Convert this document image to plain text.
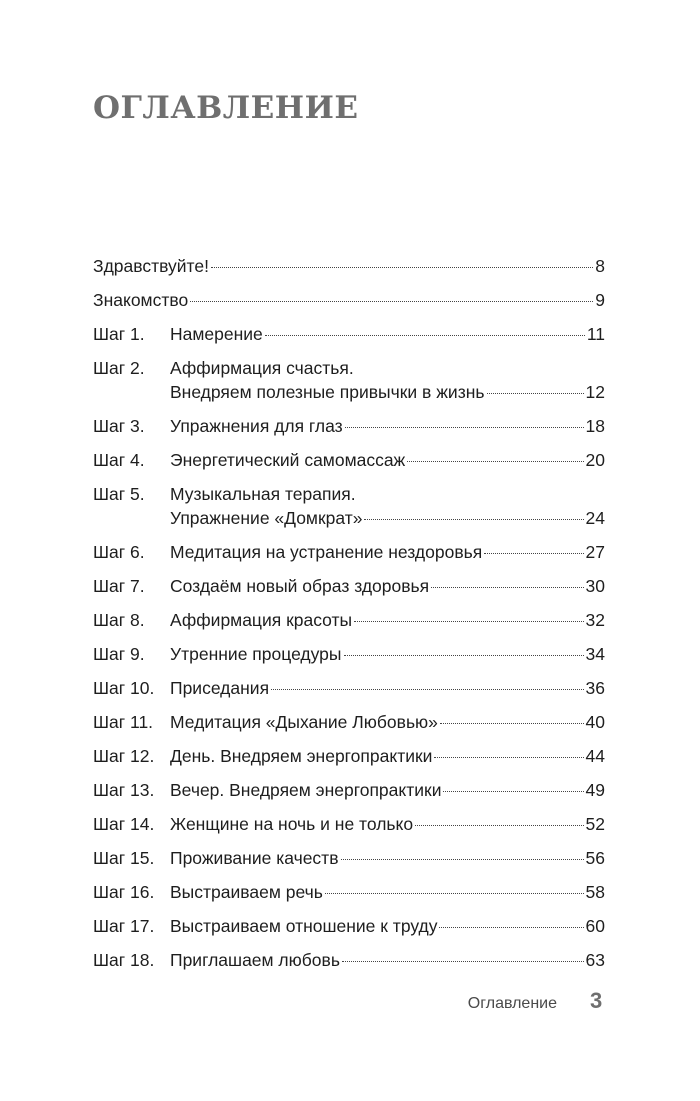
ОГЛАВЛЕНИЕ
Здравствуйте!	8
Знакомство	9
Шаг 1. Намерение	11
Шаг 2. Аффирмация счастья.
Внедряем полезные привычки в жизнь	12
Шаг 3. Упражнения для глаз	18
Шаг 4. Энергетический самомассаж	20
Шаг 5. Музыкальная терапия.
Упражнение «Домкрат»	24
Шаг 6. Медитация на устранение нездоровья	27
Шаг 7. Создаём новый образ здоровья	30
Шаг 8. Аффирмация красоты	32
Шаг 9. Утренние процедуры	34
Шаг 10. Приседания	36
Шаг 11. Медитация «Дыхание Любовью»	40
Шаг 12. День. Внедряем энергопрактики	44
Шаг 13. Вечер. Внедряем энергопрактики	49
Шаг 14. Женщине на ночь и не только	52
Шаг 15. Проживание качеств	56
Шаг 16. Выстраиваем речь	58
Шаг 17. Выстраиваем отношение к труду	60
Шаг 18. Приглашаем любовь	63
Оглавление 3
